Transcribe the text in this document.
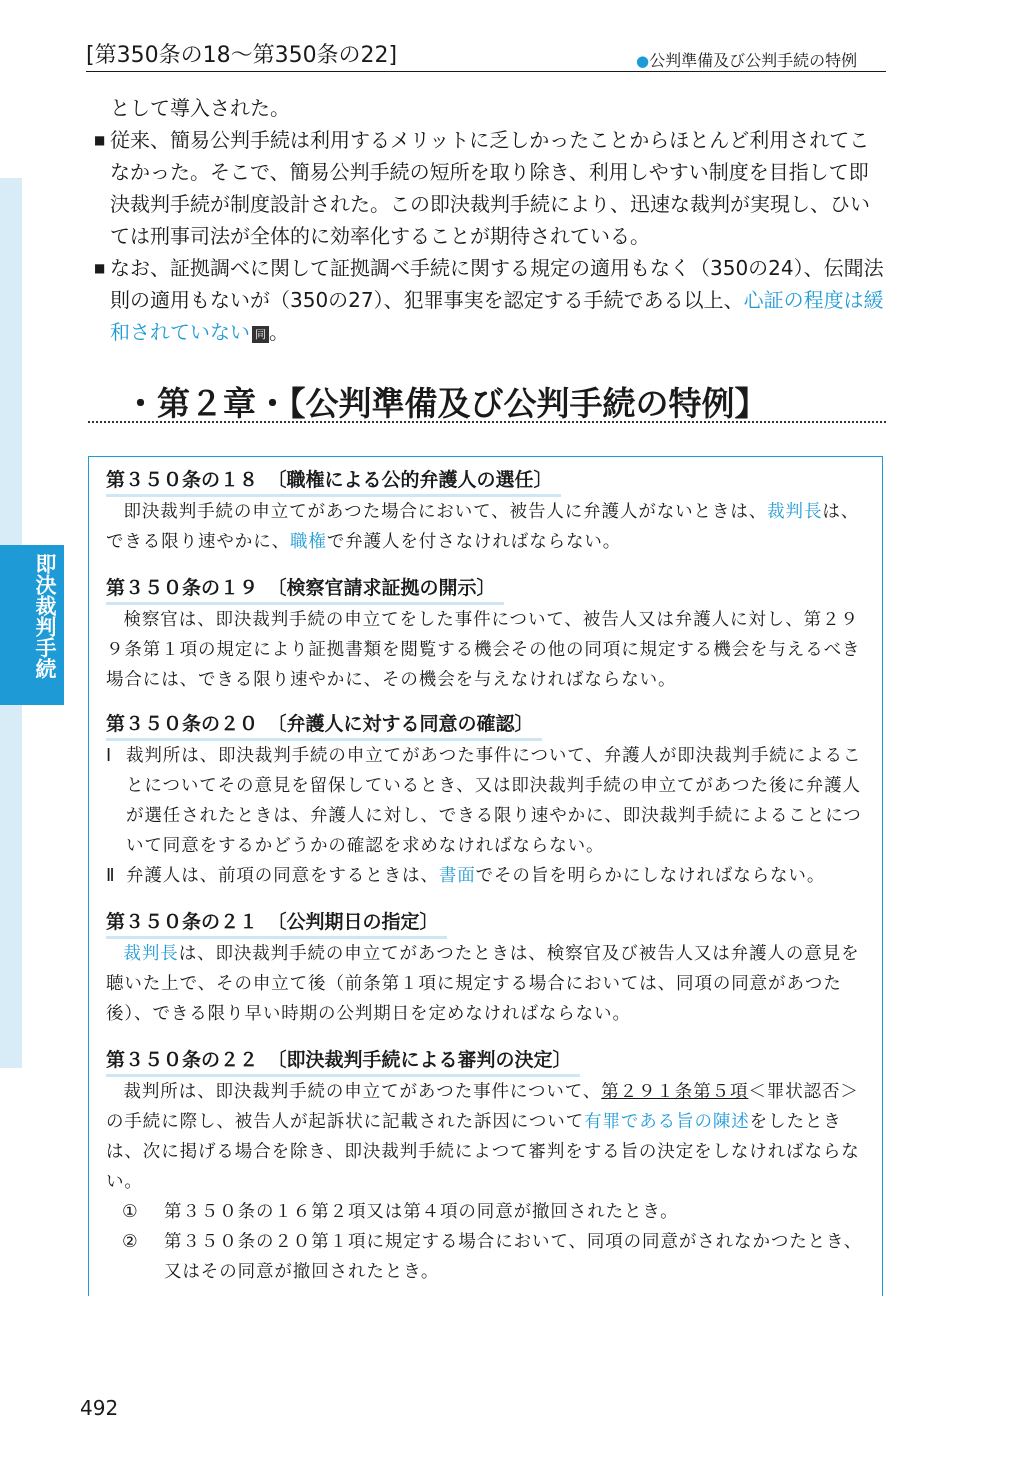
[第350条の18～第350条の22]	●公判準備及び公判手続の特例
即決裁判手続

として導入された。

■ 従来、簡易公判手続は利用するメリットに乏しかったことからほとんど利用されてこなかった。そこで、簡易公判手続の短所を取り除き、利用しやすい制度を目指して即決裁判手続が制度設計された。この即決裁判手続により、迅速な裁判が実現し、ひいては刑事司法が全体的に効率化することが期待されている。

■ なお、証拠調べに関して証拠調べ手続に関する規定の適用もなく（350の24）、伝聞法則の適用もないが（350の27）、犯罪事実を認定する手続である以上、心証の程度は緩和されていない 同 。

・第２章・【公判準備及び公判手続の特例】
第３５０条の１８　〔職権による公的弁護人の選任〕

即決裁判手続の申立てがあつた場合において、被告人に弁護人がないときは、裁判長は、できる限り速やかに、職権で弁護人を付さなければならない。

第３５０条の１９　〔検察官請求証拠の開示〕

検察官は、即決裁判手続の申立てをした事件について、被告人又は弁護人に対し、第２９９条第１項の規定により証拠書類を閲覧する機会その他の同項に規定する機会を与えるべき場合には、できる限り速やかに、その機会を与えなければならない。

第３５０条の２０　〔弁護人に対する同意の確認〕

Ⅰ 裁判所は、即決裁判手続の申立てがあつた事件について、弁護人が即決裁判手続によることについてその意見を留保しているとき、又は即決裁判手続の申立てがあつた後に弁護人が選任されたときは、弁護人に対し、できる限り速やかに、即決裁判手続によることについて同意をするかどうかの確認を求めなければならない。

Ⅱ 弁護人は、前項の同意をするときは、書面でその旨を明らかにしなければならない。

第３５０条の２１　〔公判期日の指定〕

裁判長は、即決裁判手続の申立てがあつたときは、検察官及び被告人又は弁護人の意見を聴いた上で、その申立て後（前条第１項に規定する場合においては、同項の同意があつた後）、できる限り早い時期の公判期日を定めなければならない。

第３５０条の２２　〔即決裁判手続による審判の決定〕

裁判所は、即決裁判手続の申立てがあつた事件について、第２９１条第５項＜罪状認否＞の手続に際し、被告人が起訴状に記載された訴因について有罪である旨の陳述をしたときは、次に掲げる場合を除き、即決裁判手続によつて審判をする旨の決定をしなければならない。

① 第３５０条の１６第２項又は第４項の同意が撤回されたとき。

② 第３５０条の２０第１項に規定する場合において、同項の同意がされなかつたとき、又はその同意が撤回されたとき。

492
